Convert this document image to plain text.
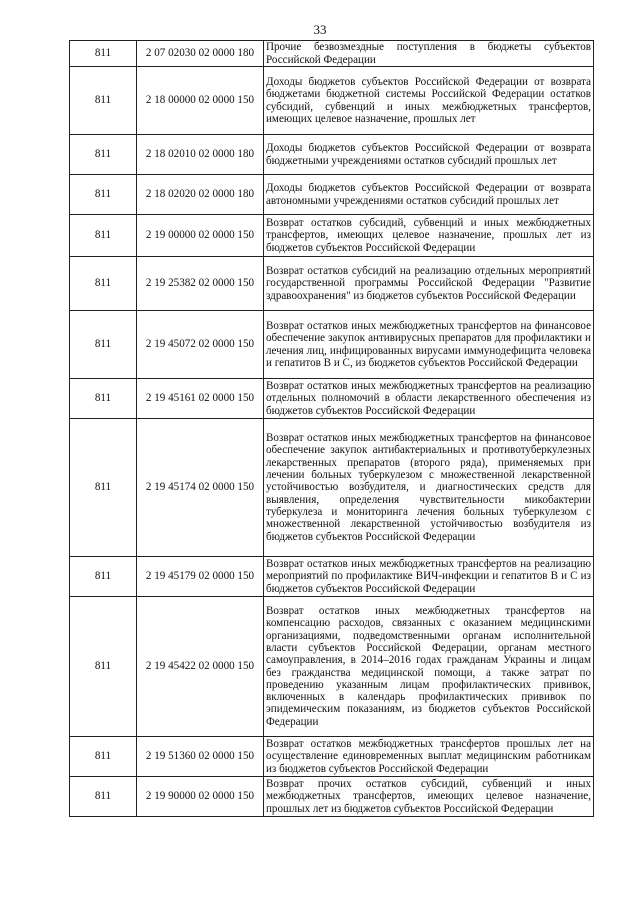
33
811	2 07 02030 02 0000 180	Прочие безвозмездные поступления в бюджеты субъектов Российской Федерации
811	2 18 00000 02 0000 150	Доходы бюджетов субъектов Российской Федерации от возврата бюджетами бюджетной системы Российской Федерации остатков субсидий, субвенций и иных межбюджетных трансфертов, имеющих целевое назначение, прошлых лет
811	2 18 02010 02 0000 180	Доходы бюджетов субъектов Российской Федерации от возврата бюджетными учреждениями остатков субсидий прошлых лет
811	2 18 02020 02 0000 180	Доходы бюджетов субъектов Российской Федерации от возврата автономными учреждениями остатков субсидий прошлых лет
811	2 19 00000 02 0000 150	Возврат остатков субсидий, субвенций и иных межбюджетных трансфертов, имеющих целевое назначение, прошлых лет из бюджетов субъектов Российской Федерации
811	2 19 25382 02 0000 150	Возврат остатков субсидий на реализацию отдельных мероприятий государственной программы Российской Федерации "Развитие здравоохранения" из бюджетов субъектов Российской Федерации
811	2 19 45072 02 0000 150	Возврат остатков иных межбюджетных трансфертов на финансовое обеспечение закупок антивирусных препаратов для профилактики и лечения лиц, инфицированных вирусами иммунодефицита человека и гепатитов В и С, из бюджетов субъектов Российской Федерации
811	2 19 45161 02 0000 150	Возврат остатков иных межбюджетных трансфертов на реализацию отдельных полномочий в области лекарственного обеспечения из бюджетов субъектов Российской Федерации
811	2 19 45174 02 0000 150	Возврат остатков иных межбюджетных трансфертов на финансовое обеспечение закупок антибактериальных и противотуберкулезных лекарственных препаратов (второго ряда), применяемых при лечении больных туберкулезом с множественной лекарственной устойчивостью возбудителя, и диагностических средств для выявления, определения чувствительности микобактерии туберкулеза и мониторинга лечения больных туберкулезом с множественной лекарственной устойчивостью возбудителя из бюджетов субъектов Российской Федерации
811	2 19 45179 02 0000 150	Возврат остатков иных межбюджетных трансфертов на реализацию мероприятий по профилактике ВИЧ-инфекции и гепатитов В и С из бюджетов субъектов Российской Федерации
811	2 19 45422 02 0000 150	Возврат остатков иных межбюджетных трансфертов на компенсацию расходов, связанных с оказанием медицинскими организациями, подведомственными органам исполнительной власти субъектов Российской Федерации, органам местного самоуправления, в 2014–2016 годах гражданам Украины и лицам без гражданства медицинской помощи, а также затрат по проведению указанным лицам профилактических прививок, включенных в календарь профилактических прививок по эпидемическим показаниям, из бюджетов субъектов Российской Федерации
811	2 19 51360 02 0000 150	Возврат остатков межбюджетных трансфертов прошлых лет на осуществление единовременных выплат медицинским работникам из бюджетов субъектов Российской Федерации
811	2 19 90000 02 0000 150	Возврат прочих остатков субсидий, субвенций и иных межбюджетных трансфертов, имеющих целевое назначение, прошлых лет из бюджетов субъектов Российской Федерации
